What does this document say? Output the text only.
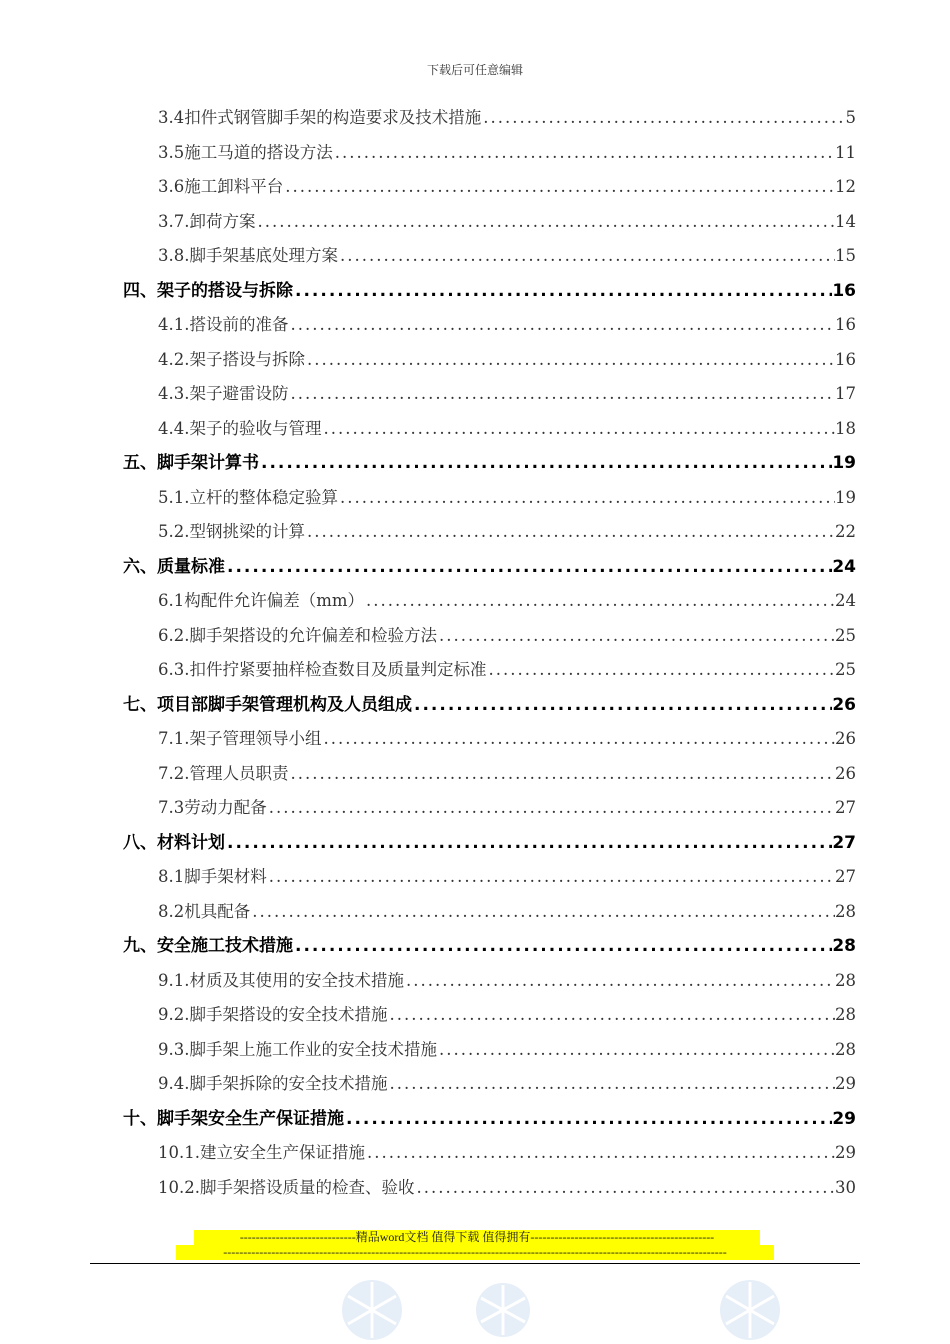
下载后可任意编辑
3.4扣件式钢管脚手架的构造要求及技术措施 .....	5
3.5施工马道的搭设方法 .....	11
3.6施工卸料平台 .....	12
3.7.卸荷方案 .....	14
3.8.脚手架基底处理方案 .....	15
四、架子的搭设与拆除 .....	16
4.1.搭设前的准备 .....	16
4.2.架子搭设与拆除 .....	16
4.3.架子避雷设防 .....	17
4.4.架子的验收与管理 .....	18
五、脚手架计算书 .....	19
5.1.立杆的整体稳定验算 .....	19
5.2.型钢挑梁的计算 .....	22
六、质量标准 .....	24
6.1构配件允许偏差（mm） .....	24
6.2.脚手架搭设的允许偏差和检验方法 .....	25
6.3.扣件拧紧要抽样检查数目及质量判定标准 .....	25
七、项目部脚手架管理机构及人员组成 .....	26
7.1.架子管理领导小组 .....	26
7.2.管理人员职责 .....	26
7.3劳动力配备 .....	27
八、材料计划 .....	27
8.1脚手架材料 .....	27
8.2机具配备 .....	28
九、安全施工技术措施 .....	28
9.1.材质及其使用的安全技术措施 .....	28
9.2.脚手架搭设的安全技术措施 .....	28
9.3.脚手架上施工作业的安全技术措施 .....	28
9.4.脚手架拆除的安全技术措施 .....	29
十、脚手架安全生产保证措施 .....	29
10.1.建立安全生产保证措施 .....	29
10.2.脚手架搭设质量的检查、验收 .....	30
-----------------------------精品word文档 值得下载 值得拥有----------------------------------------------
------------------------------------------------------------------------------------------------------------------------------
